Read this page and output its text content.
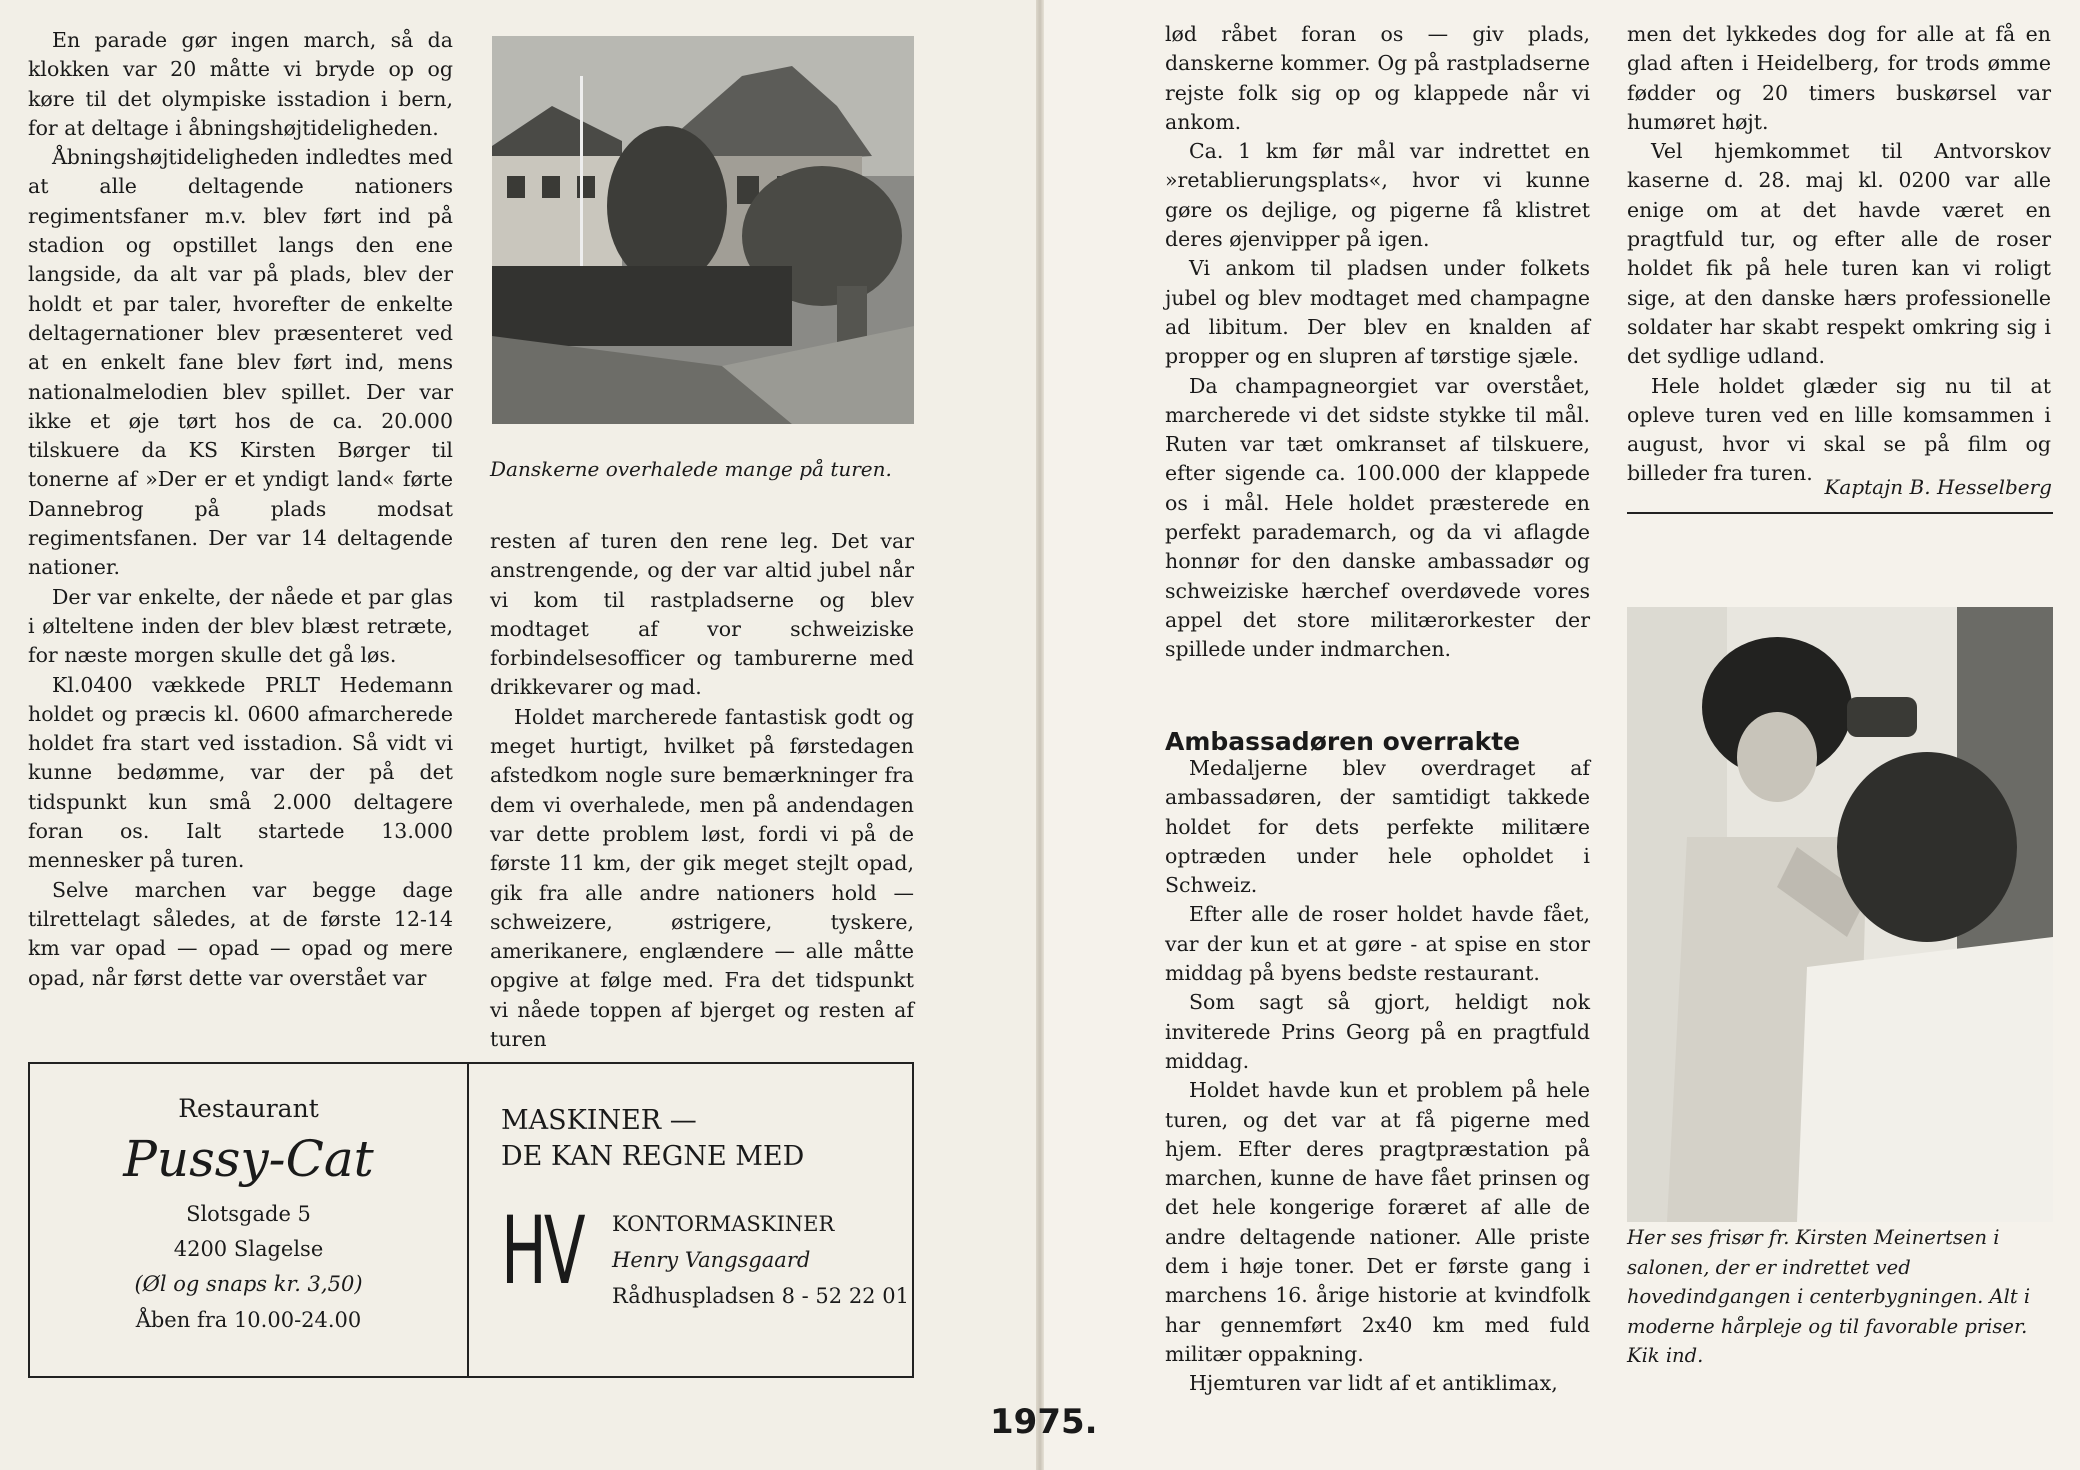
En parade gør ingen march, så da klokken var 20 måtte vi bryde op og køre til det olympiske isstadion i bern, for at deltage i åbningshøjtideligheden.

Åbningshøjtideligheden indledtes med at alle deltagende nationers regimentsfaner m.v. blev ført ind på stadion og opstillet langs den ene langside, da alt var på plads, blev der holdt et par taler, hvorefter de enkelte deltagernationer blev præsenteret ved at en enkelt fane blev ført ind, mens nationalmelodien blev spillet. Der var ikke et øje tørt hos de ca. 20.000 tilskuere da KS Kirsten Børger til tonerne af »Der er et yndigt land« førte Dannebrog på plads modsat regimentsfanen. Der var 14 deltagende nationer.

Der var enkelte, der nåede et par glas i ølteltene inden der blev blæst retræte, for næste morgen skulle det gå løs.

Kl.0400 vækkede PRLT Hedemann holdet og præcis kl. 0600 afmarcherede holdet fra start ved isstadion. Så vidt vi kunne bedømme, var der på det tidspunkt kun små 2.000 deltagere foran os. Ialt startede 13.000 mennesker på turen.

Selve marchen var begge dage tilrettelagt således, at de første 12-14 km var opad — opad — opad og mere opad, når først dette var overstået var

Danskerne overhalede mange på turen.

resten af turen den rene leg. Det var anstrengende, og der var altid jubel når vi kom til rastpladserne og blev modtaget af vor schweiziske forbindelsesofficer og tamburerne med drikkevarer og mad.

Holdet marcherede fantastisk godt og meget hurtigt, hvilket på førstedagen afstedkom nogle sure bemærkninger fra dem vi overhalede, men på andendagen var dette problem løst, fordi vi på de første 11 km, der gik meget stejlt opad, gik fra alle andre nationers hold — schweizere, østrigere, tyskere, amerikanere, englændere — alle måtte opgive at følge med. Fra det tidspunkt vi nåede toppen af bjerget og resten af turen

Restaurant
Pussy-Cat
Slotsgade 5
4200 Slagelse
(Øl og snaps kr. 3,50)
Åben fra 10.00-24.00
MASKINER —
DE KAN REGNE MED
HV KONTORMASKINER
Henry Vangsgaard
Rådhuspladsen 8 - 52 22 01

lød råbet foran os — giv plads, danskerne kommer. Og på rastpladserne rejste folk sig op og klappede når vi ankom.

Ca. 1 km før mål var indrettet en »retablierungsplats«, hvor vi kunne gøre os dejlige, og pigerne få klistret deres øjenvipper på igen.

Vi ankom til pladsen under folkets jubel og blev modtaget med champagne ad libitum. Der blev en knalden af propper og en slupren af tørstige sjæle.

Da champagneorgiet var overstået, marcherede vi det sidste stykke til mål. Ruten var tæt omkranset af tilskuere, efter sigende ca. 100.000 der klappede os i mål. Hele holdet præsterede en perfekt parademarch, og da vi aflagde honnør for den danske ambassadør og schweiziske hærchef overdøvede vores appel det store militærorkester der spillede under indmarchen.

Ambassadøren overrakte

Medaljerne blev overdraget af ambassadøren, der samtidigt takkede holdet for dets perfekte militære optræden under hele opholdet i Schweiz.

Efter alle de roser holdet havde fået, var der kun et at gøre - at spise en stor middag på byens bedste restaurant.

Som sagt så gjort, heldigt nok inviterede Prins Georg på en pragtfuld middag.

Holdet havde kun et problem på hele turen, og det var at få pigerne med hjem. Efter deres pragtpræstation på marchen, kunne de have fået prinsen og det hele kongerige foræret af alle de andre deltagende nationer. Alle priste dem i høje toner. Det er første gang i marchens 16. årige historie at kvindfolk har gennemført 2x40 km med fuld militær oppakning.

Hjemturen var lidt af et antiklimax,

men det lykkedes dog for alle at få en glad aften i Heidelberg, for trods ømme fødder og 20 timers buskørsel var humøret højt.

Vel hjemkommet til Antvorskov kaserne d. 28. maj kl. 0200 var alle enige om at det havde været en pragtfuld tur, og efter alle de roser holdet fik på hele turen kan vi roligt sige, at den danske hærs professionelle soldater har skabt respekt omkring sig i det sydlige udland.

Hele holdet glæder sig nu til at opleve turen ved en lille komsammen i august, hvor vi skal se på film og billeder fra turen.

Kaptajn B. Hesselberg
Her ses frisør fr. Kirsten Meinertsen i salonen, der er indrettet ved hovedindgangen i centerbygningen. Alt i moderne hårpleje og til favorable priser. Kik ind.
1975.
